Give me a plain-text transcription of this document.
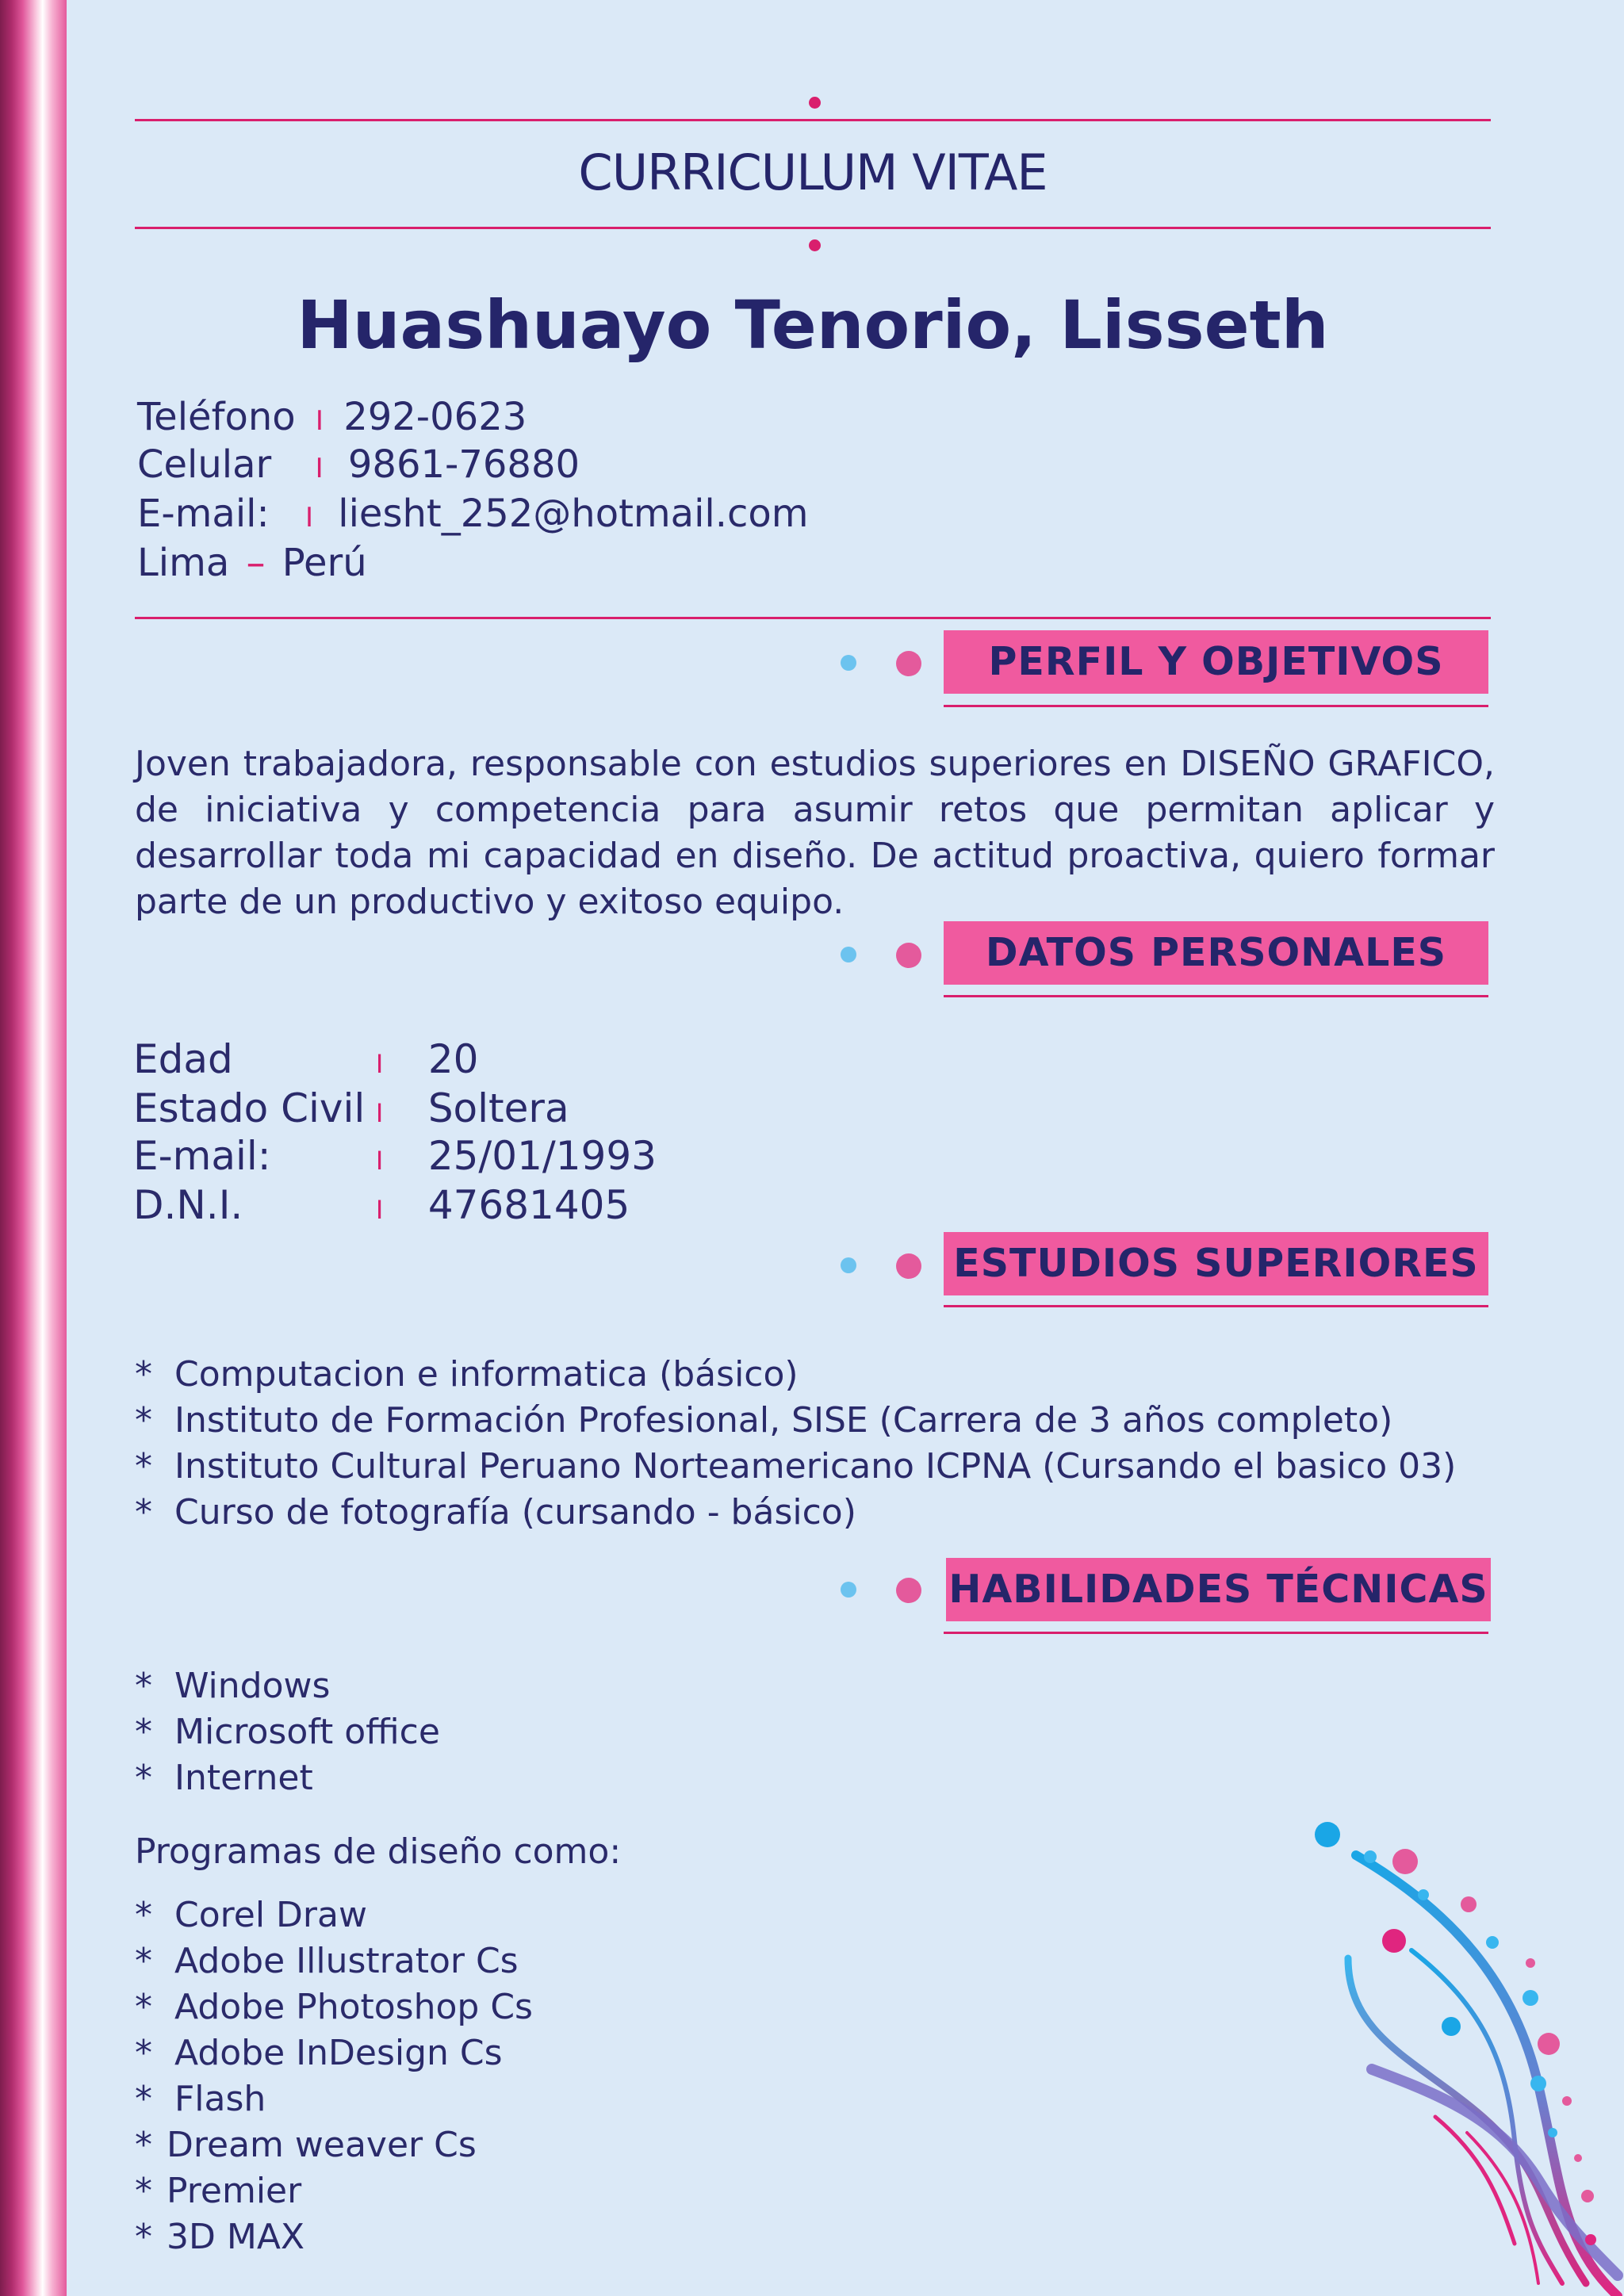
CURRICULUM VITAE
Huashuayo Tenorio, Lisseth
Teléfono I 292-0623
Celular I 9861-76880
E-mail: I liesht_252@hotmail.com
Lima – Perú
PERFIL Y OBJETIVOS
Joven trabajadora, responsable con estudios superiores en DISEÑO GRAFICO, de iniciativa y competencia para asumir retos que permitan aplicar y desarrollar toda mi capacidad en diseño. De actitud proactiva, quiero formar parte de un productivo y exitoso equipo.
DATOS PERSONALES
Edad	I 20
Estado Civil I Soltera
E-mail:	I 25/01/1993
D.N.I.	I 47681405
ESTUDIOS SUPERIORES
* Computacion e informatica (básico)
* Instituto de Formación Profesional, SISE (Carrera de 3 años completo)
* Instituto Cultural Peruano Norteamericano ICPNA (Cursando el basico 03)
* Curso de fotografía (cursando - básico)
HABILIDADES TÉCNICAS
* Windows
* Microsoft office
* Internet
Programas de diseño como:
* Corel Draw
* Adobe Illustrator Cs
* Adobe Photoshop Cs
* Adobe InDesign Cs
* Flash
* Dream weaver Cs
* Premier
* 3D MAX
